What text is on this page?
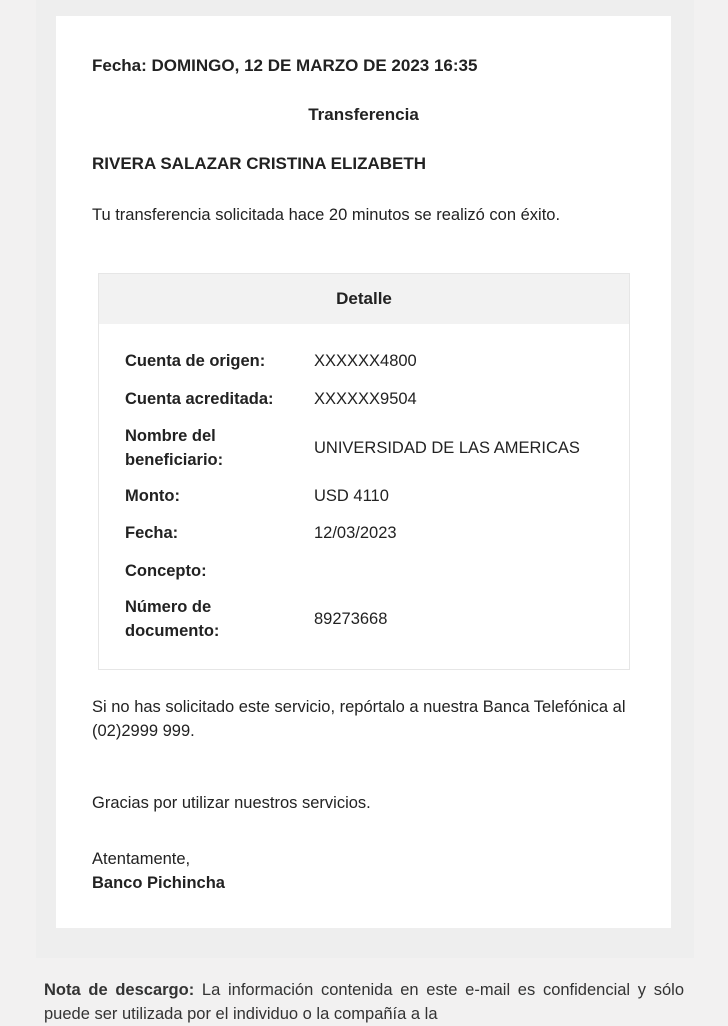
Fecha: DOMINGO, 12 DE MARZO DE 2023 16:35
Transferencia
RIVERA SALAZAR CRISTINA ELIZABETH
Tu transferencia solicitada hace 20 minutos se realizó con éxito.
Detalle
Cuenta de origen:	XXXXXX4800
Cuenta acreditada:	XXXXXX9504
Nombre del beneficiario:
UNIVERSIDAD DE LAS AMERICAS
Monto:	USD 4110
Fecha:	12/03/2023
Concepto:
Número de documento:
89273668
Si no has solicitado este servicio, repórtalo a nuestra Banca Telefónica al
(02)2999 999.
Gracias por utilizar nuestros servicios.
Atentamente,
Banco Pichincha
Nota de descargo: La información contenida en este e-mail es confidencial y sólo puede ser utilizada por el individuo o la compañía a la
